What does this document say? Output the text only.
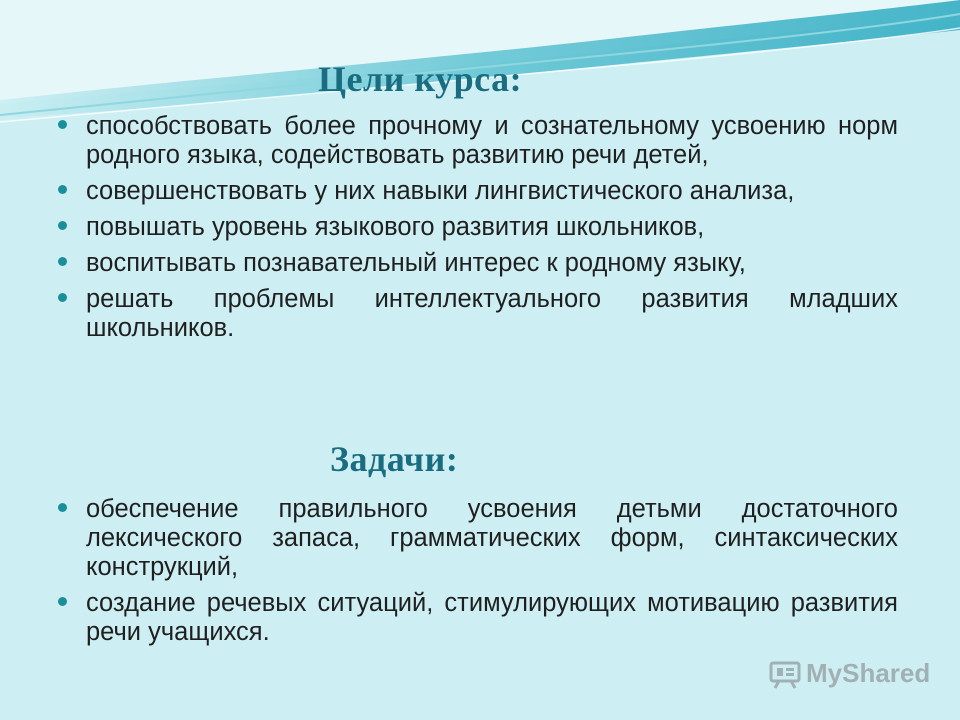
Цели курса:
способствовать более прочному и сознательному усвоению норм родного языка, содействовать развитию речи детей,
совершенствовать у них навыки лингвистического анализа,
повышать уровень языкового развития школьников,
воспитывать познавательный интерес к родному языку,
решать проблемы интеллектуального развития младших школьников.
Задачи:
обеспечение правильного усвоения детьми достаточного лексического запаса, грамматических форм, синтаксических конструкций,
создание речевых ситуаций, стимулирующих мотивацию развития речи учащихся.
MyShared
